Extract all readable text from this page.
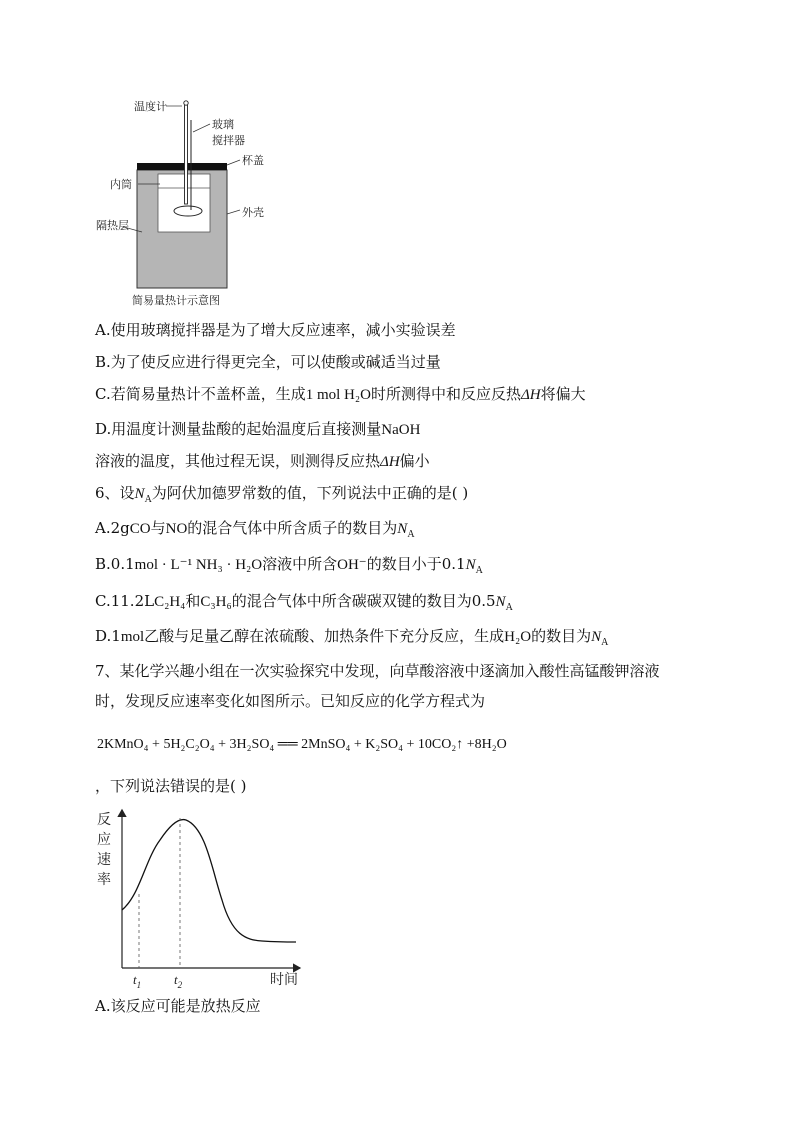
温度计
玻璃
搅拌器
杯盖
内筒
外壳
隔热层
简易量热计示意图
A.使用玻璃搅拌器是为了增大反应速率，减小实验误差
B.为了使反应进行得更完全，可以使酸或碱适当过量
C.若简易量热计不盖杯盖，生成1 mol H₂O时所测得中和反应反热ΔH将偏大
D.用温度计测量盐酸的起始温度后直接测量NaOH
溶液的温度，其他过程无误，则测得反应热ΔH偏小
6、设$N_A$为阿伏加德罗常数的值，下列说法中正确的是( )
A.2gCO与NO的混合气体中所含质子的数目为$N_A$
B.0.1mol · L⁻¹ NH₃ · H₂O溶液中所含OH⁻的数目小于$0.1N_A$
C.11.2LC₂H₄和C₃H₆的混合气体中所含碳碳双键的数目为$0.5N_A$
D.1mol乙酸与足量乙醇在浓硫酸、加热条件下充分反应，生成H₂O的数目为$N_A$
7、某化学兴趣小组在一次实验探究中发现，向草酸溶液中逐滴加入酸性高锰酸钾溶液
时，发现反应速率变化如图所示。已知反应的化学方程式为
2KMnO₄ + 5H₂C₂O₄ + 3H₂SO₄ ══ 2MnSO₄ + K₂SO₄ + 10CO₂↑ +8H₂O
，下列说法错误的是( )
反
应
速
率
时间
$t_1$	$t_2$
A.该反应可能是放热反应
